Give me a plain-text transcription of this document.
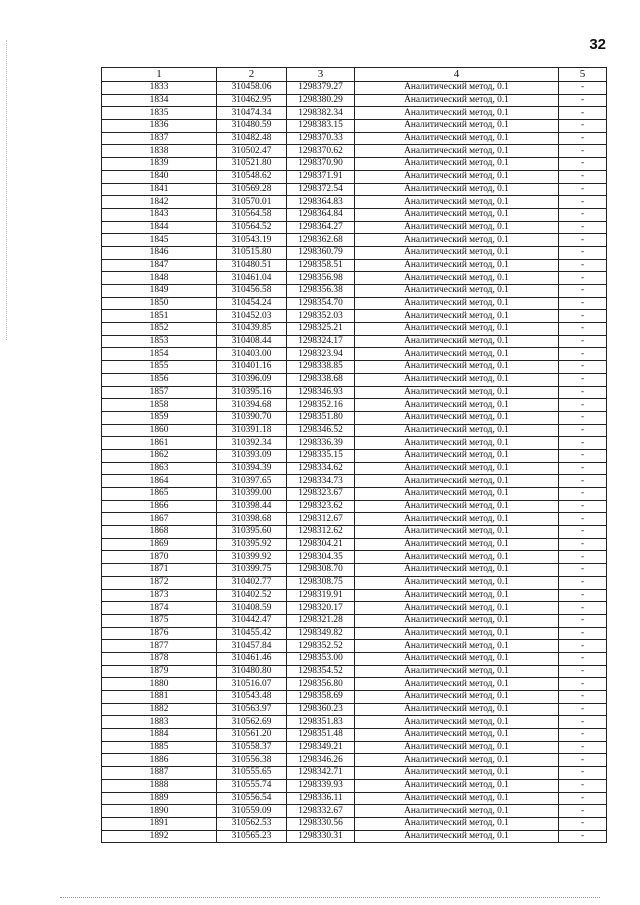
32
1	2	3	4	5
1833	310458.06	1298379.27	Аналитический метод, 0.1	-
1834	310462.95	1298380.29	Аналитический метод, 0.1	-
1835	310474.34	1298382.34	Аналитический метод, 0.1	-
1836	310480.59	1298383.15	Аналитический метод, 0.1	-
1837	310482.48	1298370.33	Аналитический метод, 0.1	-
1838	310502.47	1298370.62	Аналитический метод, 0.1	-
1839	310521.80	1298370.90	Аналитический метод, 0.1	-
1840	310548.62	1298371.91	Аналитический метод, 0.1	-
1841	310569.28	1298372.54	Аналитический метод, 0.1	-
1842	310570.01	1298364.83	Аналитический метод, 0.1	-
1843	310564.58	1298364.84	Аналитический метод, 0.1	-
1844	310564.52	1298364.27	Аналитический метод, 0.1	-
1845	310543.19	1298362.68	Аналитический метод, 0.1	-
1846	310515.80	1298360.79	Аналитический метод, 0.1	-
1847	310480.51	1298358.51	Аналитический метод, 0.1	-
1848	310461.04	1298356.98	Аналитический метод, 0.1	-
1849	310456.58	1298356.38	Аналитический метод, 0.1	-
1850	310454.24	1298354.70	Аналитический метод, 0.1	-
1851	310452.03	1298352.03	Аналитический метод, 0.1	-
1852	310439.85	1298325.21	Аналитический метод, 0.1	-
1853	310408.44	1298324.17	Аналитический метод, 0.1	-
1854	310403.00	1298323.94	Аналитический метод, 0.1	-
1855	310401.16	1298338.85	Аналитический метод, 0.1	-
1856	310396.09	1298338.68	Аналитический метод, 0.1	-
1857	310395.16	1298346.93	Аналитический метод, 0.1	-
1858	310394.68	1298352.16	Аналитический метод, 0.1	-
1859	310390.70	1298351.80	Аналитический метод, 0.1	-
1860	310391.18	1298346.52	Аналитический метод, 0.1	-
1861	310392.34	1298336.39	Аналитический метод, 0.1	-
1862	310393.09	1298335.15	Аналитический метод, 0.1	-
1863	310394.39	1298334.62	Аналитический метод, 0.1	-
1864	310397.65	1298334.73	Аналитический метод, 0.1	-
1865	310399.00	1298323.67	Аналитический метод, 0.1	-
1866	310398.44	1298323.62	Аналитический метод, 0.1	-
1867	310398.68	1298312.67	Аналитический метод, 0.1	-
1868	310395.60	1298312.62	Аналитический метод, 0.1	-
1869	310395.92	1298304.21	Аналитический метод, 0.1	-
1870	310399.92	1298304.35	Аналитический метод, 0.1	-
1871	310399.75	1298308.70	Аналитический метод, 0.1	-
1872	310402.77	1298308.75	Аналитический метод, 0.1	-
1873	310402.52	1298319.91	Аналитический метод, 0.1	-
1874	310408.59	1298320.17	Аналитический метод, 0.1	-
1875	310442.47	1298321.28	Аналитический метод, 0.1	-
1876	310455.42	1298349.82	Аналитический метод, 0.1	-
1877	310457.84	1298352.52	Аналитический метод, 0.1	-
1878	310461.46	1298353.00	Аналитический метод, 0.1	-
1879	310480.80	1298354.52	Аналитический метод, 0.1	-
1880	310516.07	1298356.80	Аналитический метод, 0.1	-
1881	310543.48	1298358.69	Аналитический метод, 0.1	-
1882	310563.97	1298360.23	Аналитический метод, 0.1	-
1883	310562.69	1298351.83	Аналитический метод, 0.1	-
1884	310561.20	1298351.48	Аналитический метод, 0.1	-
1885	310558.37	1298349.21	Аналитический метод, 0.1	-
1886	310556.38	1298346.26	Аналитический метод, 0.1	-
1887	310555.65	1298342.71	Аналитический метод, 0.1	-
1888	310555.74	1298339.93	Аналитический метод, 0.1	-
1889	310556.54	1298336.11	Аналитический метод, 0.1	-
1890	310559.09	1298332.67	Аналитический метод, 0.1	-
1891	310562.53	1298330.56	Аналитический метод, 0.1	-
1892	310565.23	1298330.31	Аналитический метод, 0.1	-
